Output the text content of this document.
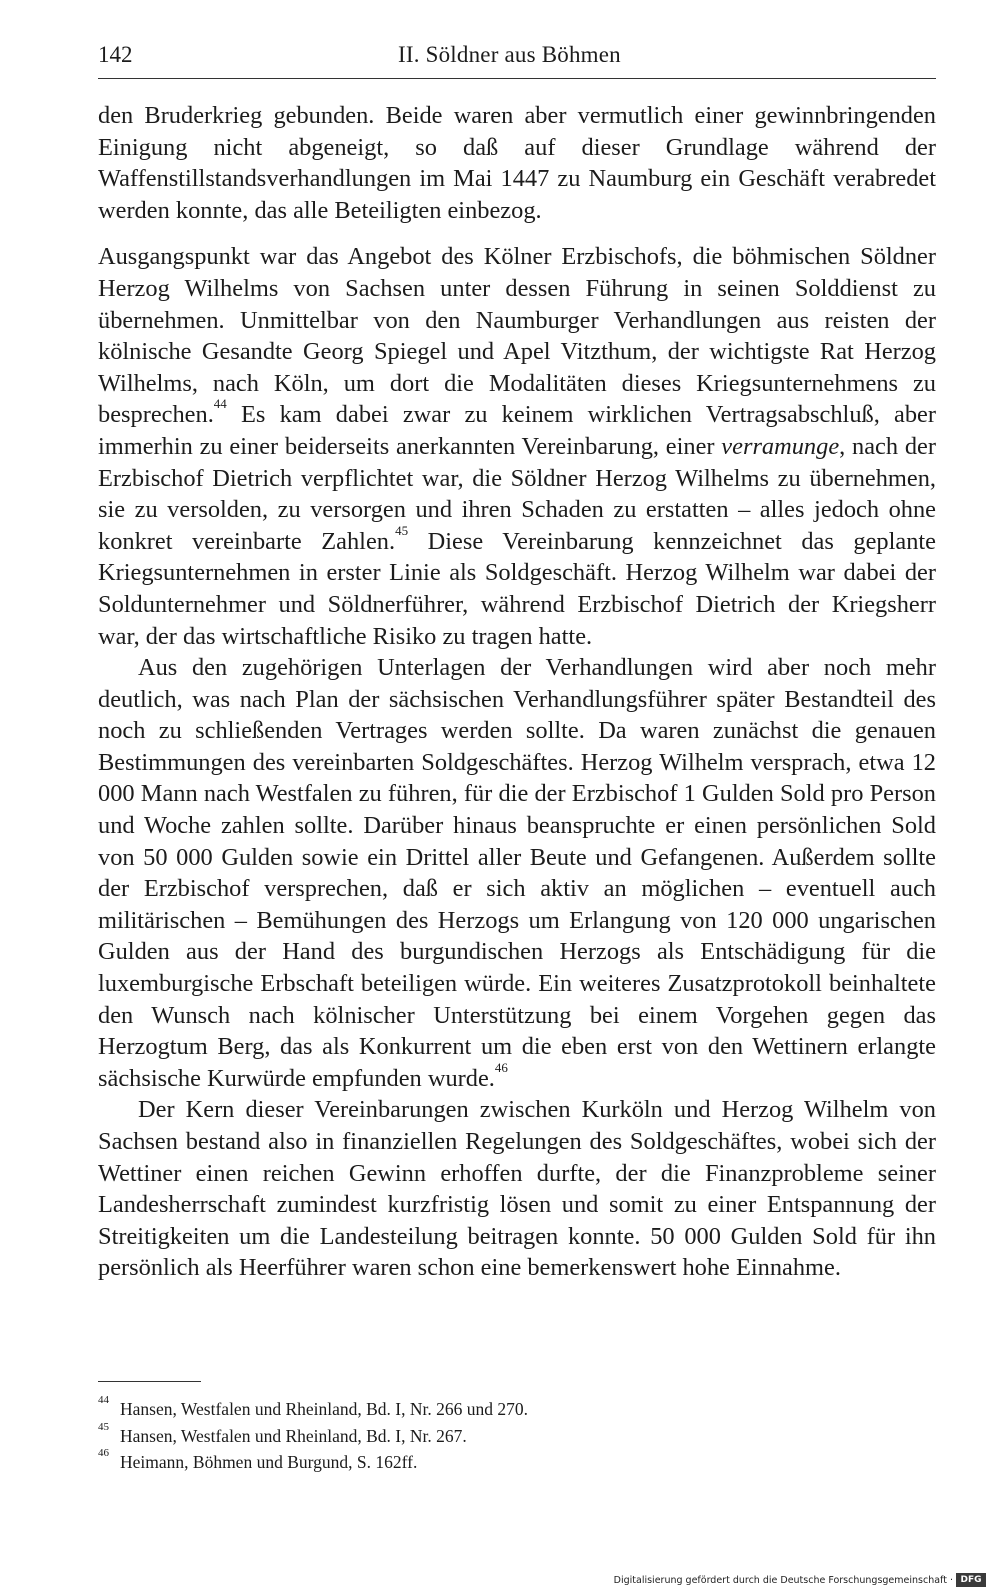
142	II. Söldner aus Böhmen

den Bruderkrieg gebunden. Beide waren aber vermutlich einer gewinnbringenden Einigung nicht abgeneigt, so daß auf dieser Grundlage während der Waffenstillstandsverhandlungen im Mai 1447 zu Naumburg ein Geschäft verabredet werden konnte, das alle Beteiligten einbezog.

Ausgangspunkt war das Angebot des Kölner Erzbischofs, die böhmischen Söldner Herzog Wilhelms von Sachsen unter dessen Führung in seinen Solddienst zu übernehmen. Unmittelbar von den Naumburger Verhandlungen aus reisten der kölnische Gesandte Georg Spiegel und Apel Vitzthum, der wichtigste Rat Herzog Wilhelms, nach Köln, um dort die Modalitäten dieses Kriegsunternehmens zu besprechen.$^{44}$ Es kam dabei zwar zu keinem wirklichen Vertragsabschluß, aber immerhin zu einer beiderseits anerkannten Vereinbarung, einer verramunge, nach der Erzbischof Dietrich verpflichtet war, die Söldner Herzog Wilhelms zu übernehmen, sie zu versolden, zu versorgen und ihren Schaden zu erstatten – alles jedoch ohne konkret vereinbarte Zahlen.$^{45}$ Diese Vereinbarung kennzeichnet das geplante Kriegsunternehmen in erster Linie als Soldgeschäft. Herzog Wilhelm war dabei der Soldunternehmer und Söldnerführer, während Erzbischof Dietrich der Kriegsherr war, der das wirtschaftliche Risiko zu tragen hatte.

Aus den zugehörigen Unterlagen der Verhandlungen wird aber noch mehr deutlich, was nach Plan der sächsischen Verhandlungsführer später Bestandteil des noch zu schließenden Vertrages werden sollte. Da waren zunächst die genauen Bestimmungen des vereinbarten Soldgeschäftes. Herzog Wilhelm versprach, etwa 12 000 Mann nach Westfalen zu führen, für die der Erzbischof 1 Gulden Sold pro Person und Woche zahlen sollte. Darüber hinaus beanspruchte er einen persönlichen Sold von 50 000 Gulden sowie ein Drittel aller Beute und Gefangenen. Außerdem sollte der Erzbischof versprechen, daß er sich aktiv an möglichen – eventuell auch militärischen – Bemühungen des Herzogs um Erlangung von 120 000 ungarischen Gulden aus der Hand des burgundischen Herzogs als Entschädigung für die luxemburgische Erbschaft beteiligen würde. Ein weiteres Zusatzprotokoll beinhaltete den Wunsch nach kölnischer Unterstützung bei einem Vorgehen gegen das Herzogtum Berg, das als Konkurrent um die eben erst von den Wettinern erlangte sächsische Kurwürde empfunden wurde.$^{46}$

Der Kern dieser Vereinbarungen zwischen Kurköln und Herzog Wilhelm von Sachsen bestand also in finanziellen Regelungen des Soldgeschäftes, wobei sich der Wettiner einen reichen Gewinn erhoffen durfte, der die Finanzprobleme seiner Landesherrschaft zumindest kurzfristig lösen und somit zu einer Entspannung der Streitigkeiten um die Landesteilung beitragen konnte. 50 000 Gulden Sold für ihn persönlich als Heerführer waren schon eine bemerkenswert hohe Einnahme.

$^{44}$ Hansen, Westfalen und Rheinland, Bd. I, Nr. 266 und 270.

$^{45}$ Hansen, Westfalen und Rheinland, Bd. I, Nr. 267.

$^{46}$ Heimann, Böhmen und Burgund, S. 162ff.

Digitalisierung gefördert durch die Deutsche Forschungsgemeinschaft · DFG
